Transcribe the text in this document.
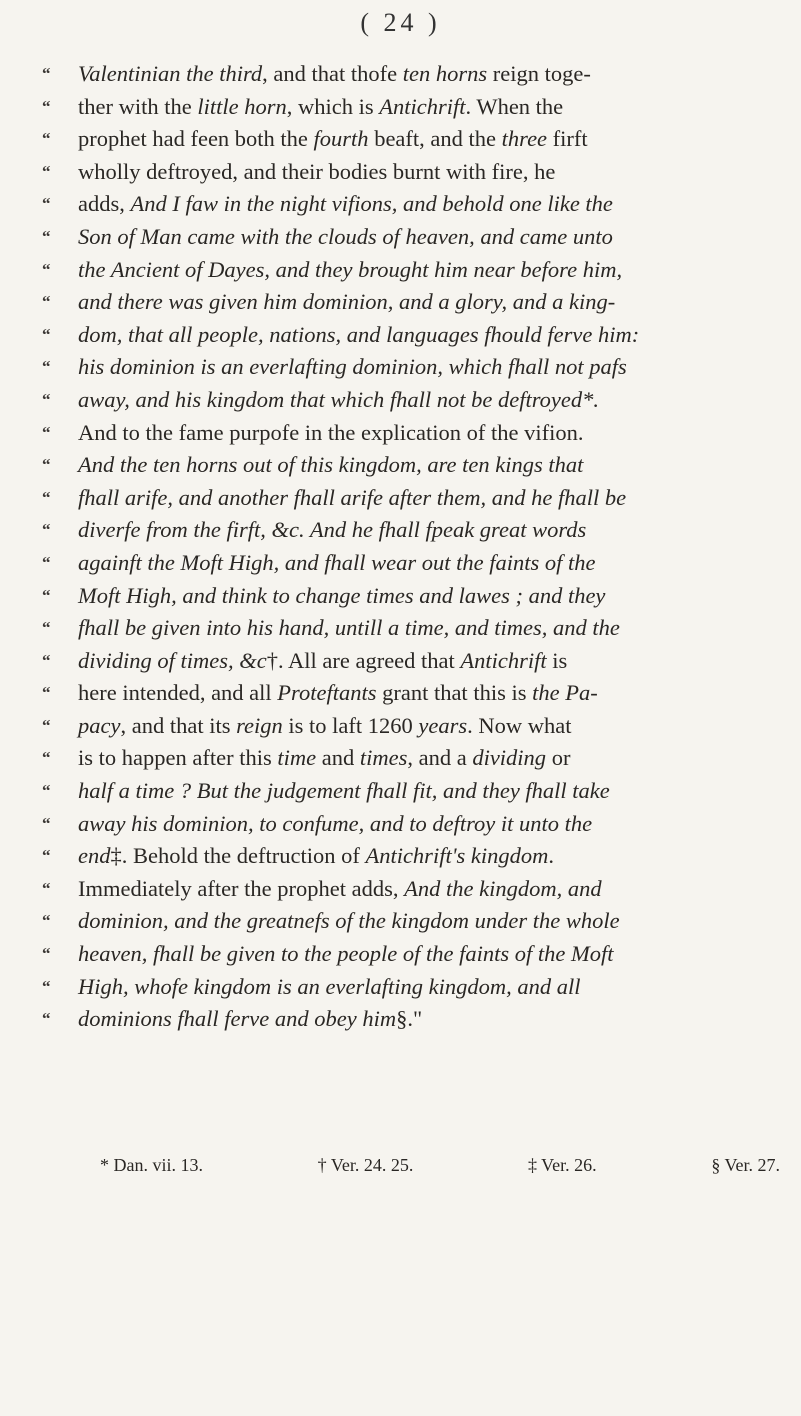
( 24 )
“ Valentinian the third, and that thofe ten horns reign toge-
“ ther with the little horn, which is Antichrift. When the
“ prophet had feen both the fourth beaft, and the three firft
“ wholly deftroyed, and their bodies burnt with fire, he
“ adds, And I faw in the night vifions, and behold one like the
“ Son of Man came with the clouds of heaven, and came unto
“ the Ancient of Dayes, and they brought him near before him,
“ and there was given him dominion, and a glory, and a king-
“ dom, that all people, nations, and languages fhould ferve him:
“ his dominion is an everlafting dominion, which fhall not pafs
“ away, and his kingdom that which fhall not be deftroyed*.
“ And to the fame purpofe in the explication of the vifion.
“ And the ten horns out of this kingdom, are ten kings that
“ fhall arife, and another fhall arife after them, and he fhall be
“ diverfe from the firft, &c. And he fhall fpeak great words
“ againft the Moft High, and fhall wear out the faints of the
“ Moft High, and think to change times and lawes ; and they
“ fhall be given into his hand, untill a time, and times, and the
“ dividing of times, &c†. All are agreed that Antichrift is
“ here intended, and all Proteftants grant that this is the Pa-
“ pacy, and that its reign is to laft 1260 years. Now what
“ is to happen after this time and times, and a dividing or
“ half a time ? But the judgement fhall fit, and they fhall take
“ away his dominion, to confume, and to deftroy it unto the
“ end‡. Behold the deftruction of Antichrift's kingdom.
“ Immediately after the prophet adds, And the kingdom, and
“ dominion, and the greatnefs of the kingdom under the whole
“ heaven, fhall be given to the people of the faints of the Moft
“ High, whofe kingdom is an everlafting kingdom, and all
“ dominions fhall ferve and obey him§."
* Dan. vii. 13.	† Ver. 24. 25.	‡ Ver. 26.	§ Ver. 27.
